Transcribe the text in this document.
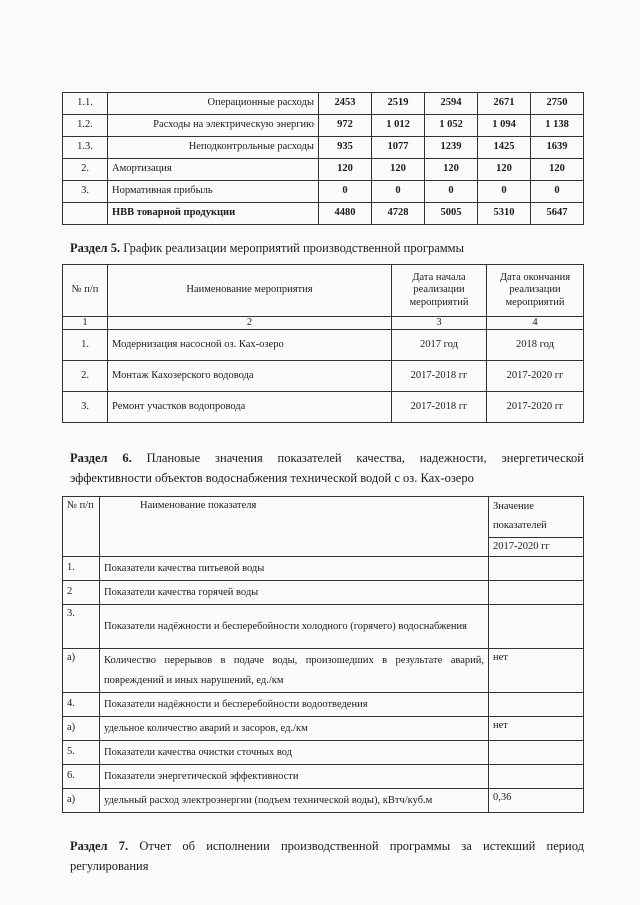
1.1.	Операционные расходы	2453	2519	2594	2671	2750
1.2.	Расходы на электрическую энергию	972	1 012	1 052	1 094	1 138
1.3.	Неподконтрольные расходы	935	1077	1239	1425	1639
2.	Амортизация	120	120	120	120	120
3.	Нормативная прибыль	0	0	0	0	0
	НВВ товарной продукции	4480	4728	5005	5310	5647
Раздел 5. График реализации мероприятий производственной программы
№ п/п	Наименование мероприятия	Дата начала реализации мероприятий	Дата окончания реализации мероприятий
1	2	3	4
1.	Модернизация насосной оз. Ках-озеро	2017 год	2018 год
2.	Монтаж Кахозерского водовода	2017-2018 гг	2017-2020 гг
3.	Ремонт участков водопровода	2017-2018 гг	2017-2020 гг
Раздел 6. Плановые значения показателей качества, надежности, энергетической
эффективности объектов водоснабжения технической водой с оз. Ках-озеро
№ п/п	Наименование показателя	Значение показателей
		2017-2020 гг

1.	Показатели качества питьевой воды	
2	Показатели качества горячей воды	
3.	Показатели надёжности и бесперебойности холодного (горячего) водоснабжения	
а)	Количество перерывов в подаче воды, произошедших в результате аварий, повреждений и иных нарушений, ед./км	нет
4.	Показатели надёжности и бесперебойности водоотведения	
а)	удельное количество аварий и засоров, ед./км	нет
5.	Показатели качества очистки сточных вод	
6.	Показатели энергетической эффективности	
а)	удельный расход электроэнергии (подъем технической воды), кВтч/куб.м	0,36
Раздел 7. Отчет об исполнении производственной программы за истекший период
регулирования
